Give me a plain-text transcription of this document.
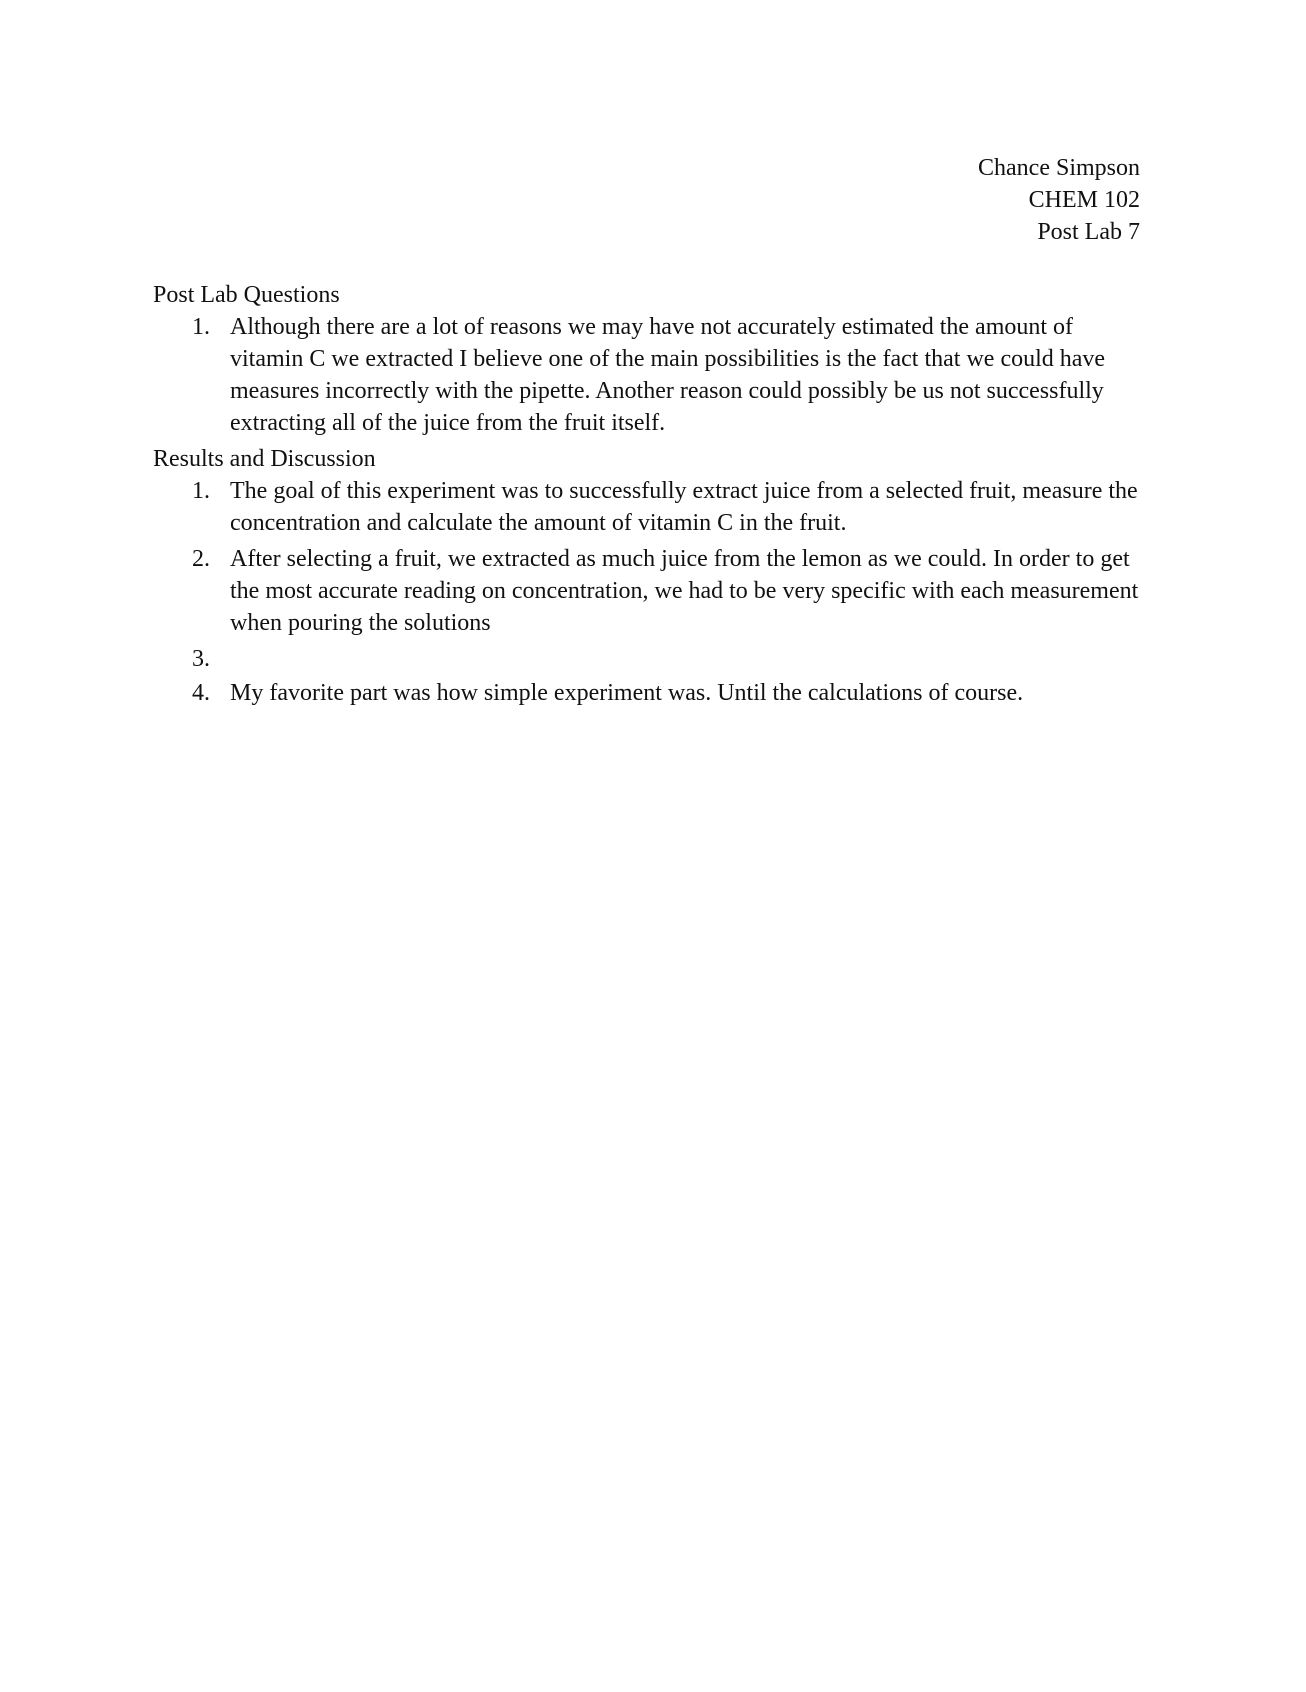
Chance Simpson
CHEM 102
Post Lab 7
Post Lab Questions
1. Although there are a lot of reasons we may have not accurately estimated the amount of vitamin C we extracted I believe one of the main possibilities is the fact that we could have measures incorrectly with the pipette. Another reason could possibly be us not successfully extracting all of the juice from the fruit itself.
Results and Discussion
1. The goal of this experiment was to successfully extract juice from a selected fruit, measure the concentration and calculate the amount of vitamin C in the fruit.
2. After selecting a fruit, we extracted as much juice from the lemon as we could. In order to get the most accurate reading on concentration, we had to be very specific with each measurement when pouring the solutions
3.

4. My favorite part was how simple experiment was. Until the calculations of course.
